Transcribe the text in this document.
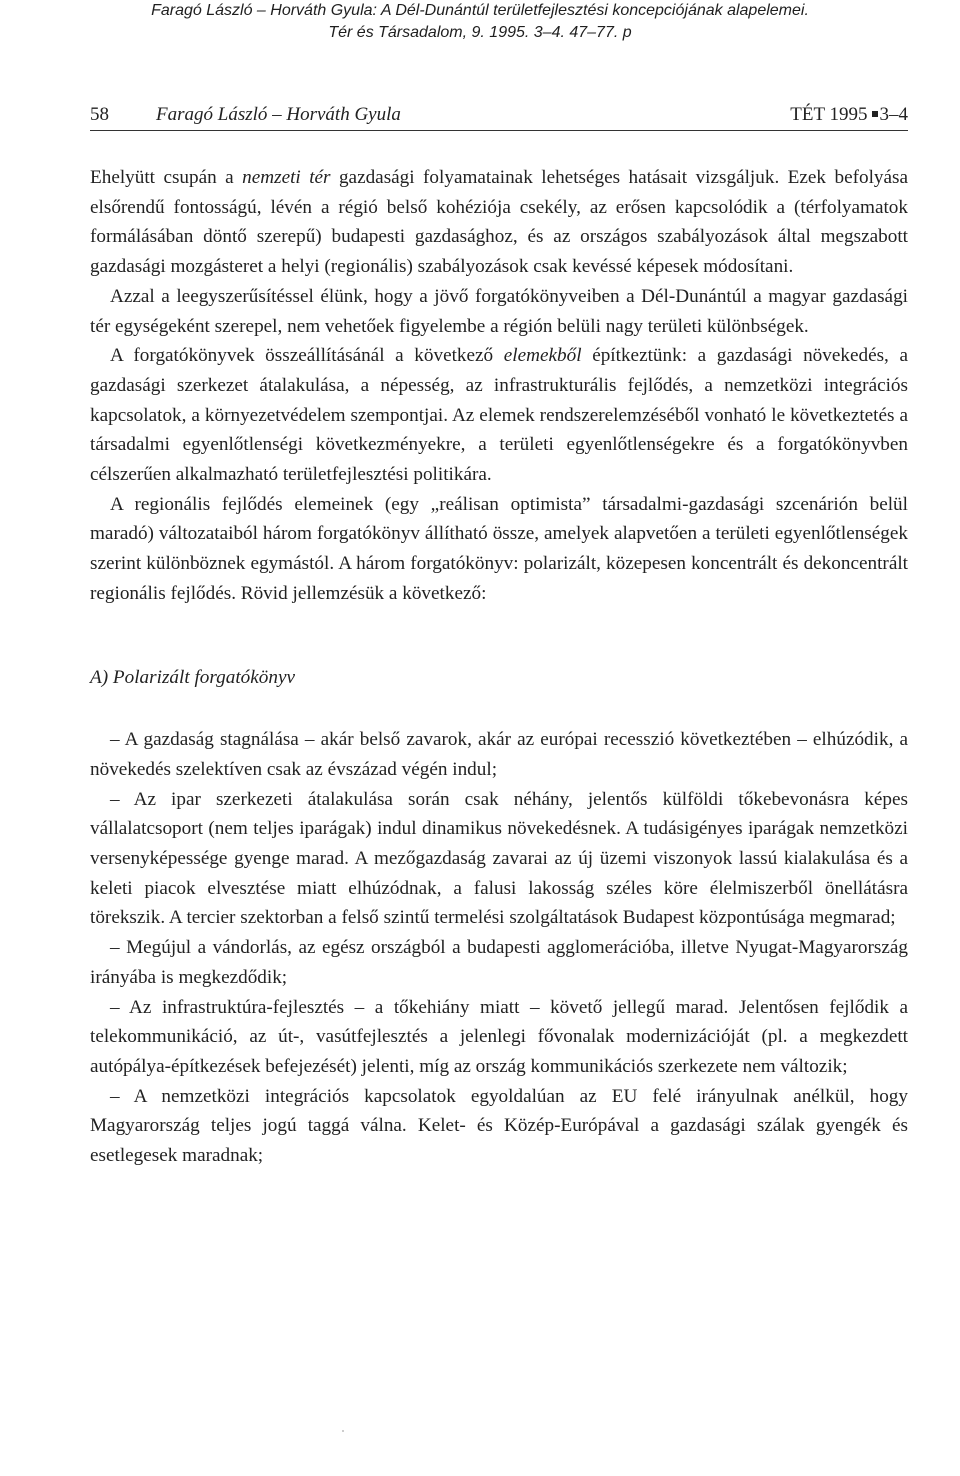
Faragó László – Horváth Gyula: A Dél-Dunántúl területfejlesztési koncepciójának alapelemei.
Tér és Társadalom, 9. 1995. 3–4. 47–77. p
58 Faragó László – Horváth Gyula	TÉT 1995 3–4

Ehelyütt csupán a nemzeti tér gazdasági folyamatainak lehetséges hatásait vizsgáljuk. Ezek befolyása elsőrendű fontosságú, lévén a régió belső kohéziója csekély, az erősen kapcsolódik a (térfolyamatok formálásában döntő szerepű) budapesti gazdasághoz, és az országos szabályozások által megszabott gazdasági mozgásteret a helyi (regionális) szabályozások csak kevéssé képesek módosítani.

Azzal a leegyszerűsítéssel élünk, hogy a jövő forgatókönyveiben a Dél-Dunántúl a magyar gazdasági tér egységeként szerepel, nem vehetőek figyelembe a régión belüli nagy területi különbségek.

A forgatókönyvek összeállításánál a következő elemekből építkeztünk: a gazdasági növekedés, a gazdasági szerkezet átalakulása, a népesség, az infrastrukturális fejlődés, a nemzetközi integrációs kapcsolatok, a környezetvédelem szempontjai. Az elemek rendszerelemzéséből vonható le következtetés a társadalmi egyenlőtlenségi következményekre, a területi egyenlőtlenségekre és a forgatókönyvben célszerűen alkalmazható területfejlesztési politikára.

A regionális fejlődés elemeinek (egy „reálisan optimista” társadalmi-gazdasági szcenárión belül maradó) változataiból három forgatókönyv állítható össze, amelyek alapvetően a területi egyenlőtlenségek szerint különböznek egymástól. A három forgatókönyv: polarizált, közepesen koncentrált és dekoncentrált regionális fejlődés. Rövid jellemzésük a következő:

A) Polarizált forgatókönyv

– A gazdaság stagnálása – akár belső zavarok, akár az európai recesszió következtében – elhúzódik, a növekedés szelektíven csak az évszázad végén indul;

– Az ipar szerkezeti átalakulása során csak néhány, jelentős külföldi tőkebevonásra képes vállalatcsoport (nem teljes iparágak) indul dinamikus növekedésnek. A tudásigényes iparágak nemzetközi versenyképessége gyenge marad. A mezőgazdaság zavarai az új üzemi viszonyok lassú kialakulása és a keleti piacok elvesztése miatt elhúzódnak, a falusi lakosság széles köre élelmiszerből önellátásra törekszik. A tercier szektorban a felső szintű termelési szolgáltatások Budapest központúsága megmarad;

– Megújul a vándorlás, az egész országból a budapesti agglomerációba, illetve Nyugat-Magyarország irányába is megkezdődik;

– Az infrastruktúra-fejlesztés – a tőkehiány miatt – követő jellegű marad. Jelentősen fejlődik a telekommunikáció, az út-, vasútfejlesztés a jelenlegi fővonalak modernizációját (pl. a megkezdett autópálya-építkezések befejezését) jelenti, míg az ország kommunikációs szerkezete nem változik;

– A nemzetközi integrációs kapcsolatok egyoldalúan az EU felé irányulnak anélkül, hogy Magyarország teljes jogú taggá válna. Kelet- és Közép-Európával a gazdasági szálak gyengék és esetlegesek maradnak;
